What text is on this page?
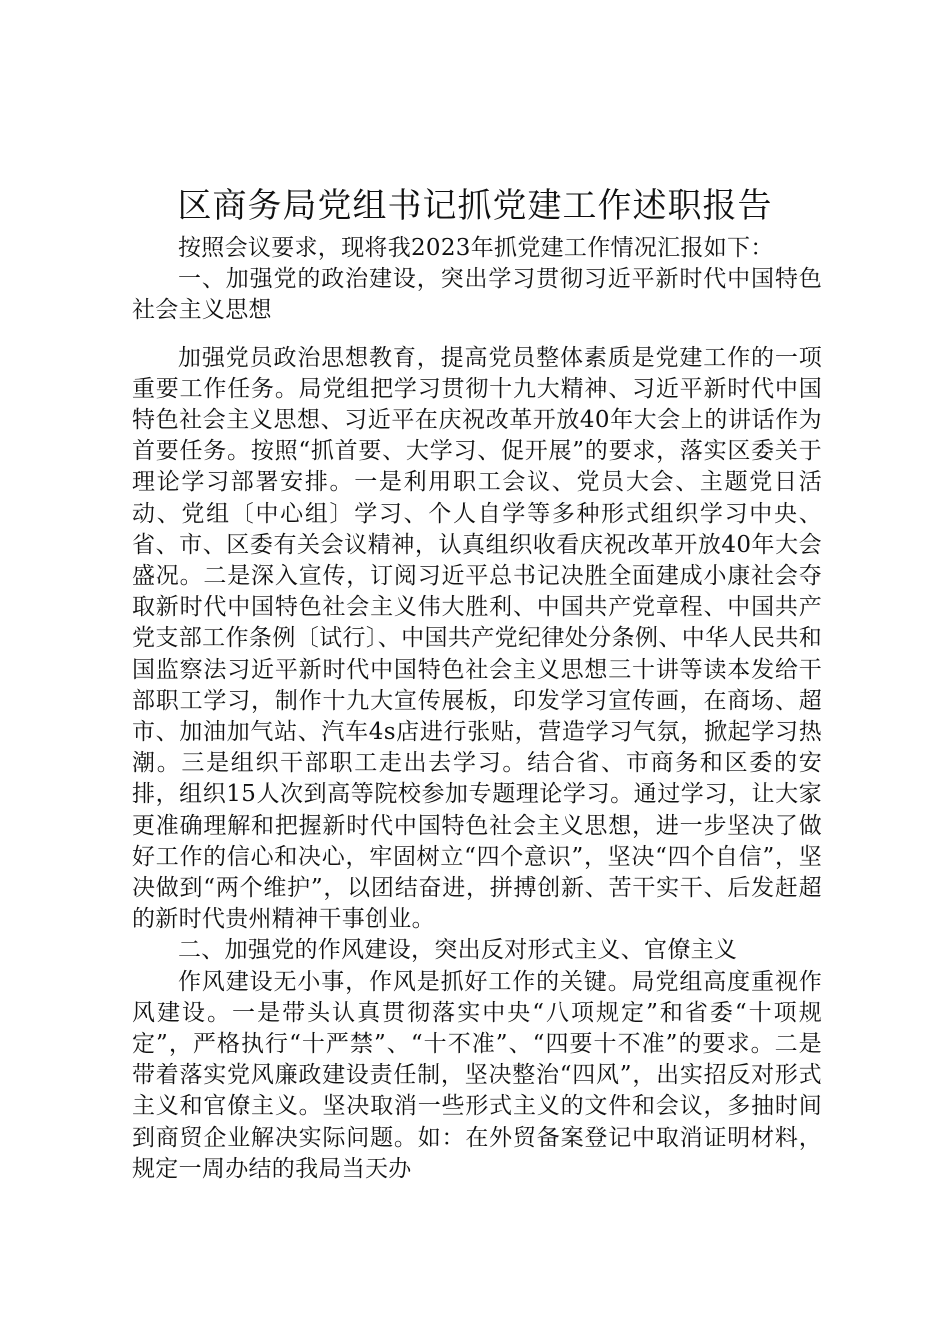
区商务局党组书记抓党建工作述职报告

按照会议要求，现将我2023年抓党建工作情况汇报如下：

一、加强党的政治建设，突出学习贯彻习近平新时代中国特色社会主义思想

加强党员政治思想教育，提高党员整体素质是党建工作的一项重要工作任务。局党组把学习贯彻十九大精神、习近平新时代中国特色社会主义思想、习近平在庆祝改革开放40年大会上的讲话作为首要任务。按照“抓首要、大学习、促开展”的要求，落实区委关于理论学习部署安排。一是利用职工会议、党员大会、主题党日活动、党组〔中心组〕学习、个人自学等多种形式组织学习中央、省、市、区委有关会议精神，认真组织收看庆祝改革开放40年大会盛况。二是深入宣传，订阅习近平总书记决胜全面建成小康社会夺取新时代中国特色社会主义伟大胜利、中国共产党章程、中国共产党支部工作条例〔试行〕、中国共产党纪律处分条例、中华人民共和国监察法习近平新时代中国特色社会主义思想三十讲等读本发给干部职工学习，制作十九大宣传展板，印发学习宣传画，在商场、超市、加油加气站、汽车4s店进行张贴，营造学习气氛，掀起学习热潮。三是组织干部职工走出去学习。结合省、市商务和区委的安排，组织15人次到高等院校参加专题理论学习。通过学习，让大家更准确理解和把握新时代中国特色社会主义思想，进一步坚决了做好工作的信心和决心，牢固树立“四个意识”，坚决“四个自信”，坚决做到“两个维护”，以团结奋进，拼搏创新、苦干实干、后发赶超的新时代贵州精神干事创业。

二、加强党的作风建设，突出反对形式主义、官僚主义

作风建设无小事，作风是抓好工作的关键。局党组高度重视作风建设。一是带头认真贯彻落实中央“八项规定”和省委“十项规定”，严格执行“十严禁”、“十不准”、“四要十不准”的要求。二是带着落实党风廉政建设责任制，坚决整治“四风”，出实招反对形式主义和官僚主义。坚决取消一些形式主义的文件和会议，多抽时间到商贸企业解决实际问题。如：在外贸备案登记中取消证明材料，规定一周办结的我局当天办
